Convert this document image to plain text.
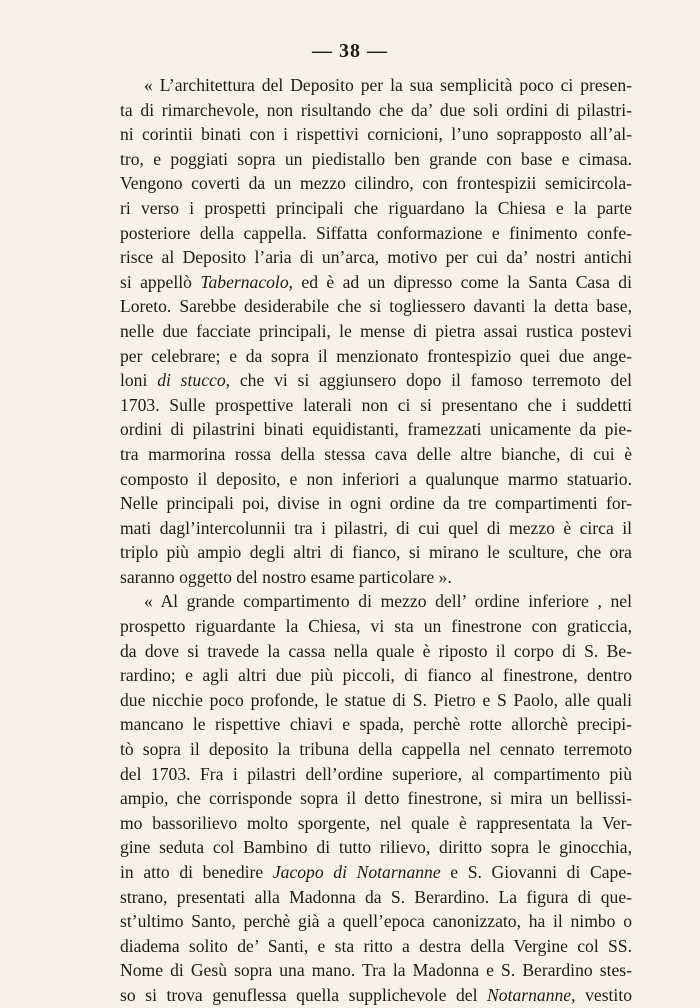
— 38 —
« L’architettura del Deposito per la sua semplicità poco ci presen-
ta di rimarchevole, non risultando che da’ due soli ordini di pilastri-
ni corintii binati con i rispettivi cornicioni, l’uno soprapposto all’al-
tro, e poggiati sopra un piedistallo ben grande con base e cimasa.
Vengono coverti da un mezzo cilindro, con frontespizii semicircola-
ri verso i prospetti principali che riguardano la Chiesa e la parte
posteriore della cappella. Siffatta conformazione e finimento confe-
risce al Deposito l’aria di un’arca, motivo per cui da’ nostri antichi
si appellò Tabernacolo, ed è ad un dipresso come la Santa Casa di
Loreto. Sarebbe desiderabile che si togliessero davanti la detta base,
nelle due facciate principali, le mense di pietra assai rustica postevi
per celebrare; e da sopra il menzionato frontespizio quei due ange-
loni di stucco, che vi si aggiunsero dopo il famoso terremoto del
1703. Sulle prospettive laterali non ci si presentano che i suddetti
ordini di pilastrini binati equidistanti, framezzati unicamente da pie-
tra marmorina rossa della stessa cava delle altre bianche, di cui è
composto il deposito, e non inferiori a qualunque marmo statuario.
Nelle principali poi, divise in ogni ordine da tre compartimenti for-
mati dagl’intercolunnii tra i pilastri, di cui quel di mezzo è circa il
triplo più ampio degli altri di fianco, si mirano le sculture, che ora
saranno oggetto del nostro esame particolare ».
« Al grande compartimento di mezzo dell’ ordine inferiore , nel
prospetto riguardante la Chiesa, vi sta un finestrone con graticcia,
da dove si travede la cassa nella quale è riposto il corpo di S. Be-
rardino; e agli altri due più piccoli, di fianco al finestrone, dentro
due nicchie poco profonde, le statue di S. Pietro e S Paolo, alle quali
mancano le rispettive chiavi e spada, perchè rotte allorchè precipi-
tò sopra il deposito la tribuna della cappella nel cennato terremoto
del 1703. Fra i pilastri dell’ordine superiore, al compartimento più
ampio, che corrisponde sopra il detto finestrone, si mira un bellissi-
mo bassorilievo molto sporgente, nel quale è rappresentata la Ver-
gine seduta col Bambino di tutto rilievo, diritto sopra le ginocchia,
in atto di benedire Jacopo di Notarnanne e S. Giovanni di Cape-
strano, presentati alla Madonna da S. Berardino. La figura di que-
st’ultimo Santo, perchè già a quell’epoca canonizzato, ha il nimbo o
diadema solito de’ Santi, e sta ritto a destra della Vergine col SS.
Nome di Gesù sopra una mano. Tra la Madonna e S. Berardino stes-
so si trova genuflessa quella supplichevole del Notarnanne, vestito
